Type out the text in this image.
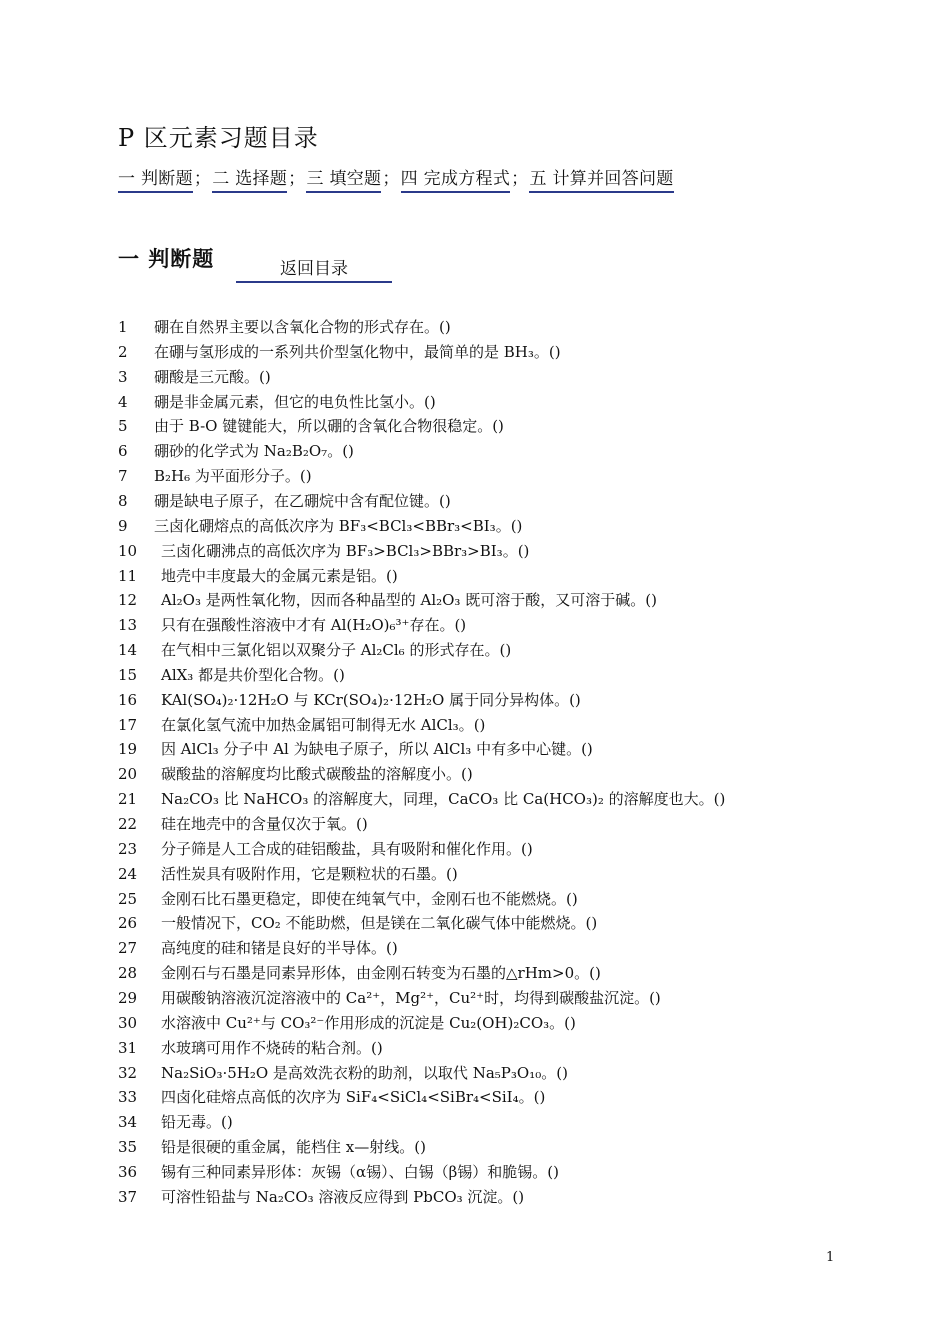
P 区元素习题目录
一 判断题；二 选择题；三 填空题；四 完成方程式；五 计算并回答问题
一 判断题	返回目录
1 硼在自然界主要以含氧化合物的形式存在。()
2 在硼与氢形成的一系列共价型氢化物中，最简单的是 BH₃。()
3 硼酸是三元酸。()
4 硼是非金属元素，但它的电负性比氢小。()
5 由于 B-O 键键能大，所以硼的含氧化合物很稳定。()
6 硼砂的化学式为 Na₂B₂O₇。()
7 B₂H₆ 为平面形分子。()
8 硼是缺电子原子，在乙硼烷中含有配位键。()
9 三卤化硼熔点的高低次序为 BF₃<BCl₃<BBr₃<BI₃。()
10 三卤化硼沸点的高低次序为 BF₃>BCl₃>BBr₃>BI₃。()
11 地壳中丰度最大的金属元素是铝。()
12 Al₂O₃ 是两性氧化物，因而各种晶型的 Al₂O₃ 既可溶于酸，又可溶于碱。()
13 只有在强酸性溶液中才有 Al(H₂O)₆³⁺存在。()
14 在气相中三氯化铝以双聚分子 Al₂Cl₆ 的形式存在。()
15 AlX₃ 都是共价型化合物。()
16 KAl(SO₄)₂·12H₂O 与 KCr(SO₄)₂·12H₂O 属于同分异构体。()
17 在氯化氢气流中加热金属铝可制得无水 AlCl₃。()
19 因 AlCl₃ 分子中 Al 为缺电子原子，所以 AlCl₃ 中有多中心键。()
20 碳酸盐的溶解度均比酸式碳酸盐的溶解度小。()
21 Na₂CO₃ 比 NaHCO₃ 的溶解度大，同理，CaCO₃ 比 Ca(HCO₃)₂ 的溶解度也大。()
22 硅在地壳中的含量仅次于氧。()
23 分子筛是人工合成的硅铝酸盐，具有吸附和催化作用。()
24 活性炭具有吸附作用，它是颗粒状的石墨。()
25 金刚石比石墨更稳定，即使在纯氧气中，金刚石也不能燃烧。()
26 一般情况下，CO₂ 不能助燃，但是镁在二氧化碳气体中能燃烧。()
27 高纯度的硅和锗是良好的半导体。()
28 金刚石与石墨是同素异形体，由金刚石转变为石墨的△rHm>0。()
29 用碳酸钠溶液沉淀溶液中的 Ca²⁺，Mg²⁺，Cu²⁺时，均得到碳酸盐沉淀。()
30 水溶液中 Cu²⁺与 CO₃²⁻作用形成的沉淀是 Cu₂(OH)₂CO₃。()
31 水玻璃可用作不烧砖的粘合剂。()
32 Na₂SiO₃·5H₂O 是高效洗衣粉的助剂，以取代 Na₅P₃O₁₀。()
33 四卤化硅熔点高低的次序为 SiF₄<SiCl₄<SiBr₄<SiI₄。()
34 铅无毒。()
35 铅是很硬的重金属，能档住 x—射线。()
36 锡有三种同素异形体：灰锡（α锡）、白锡（β锡）和脆锡。()
37 可溶性铅盐与 Na₂CO₃ 溶液反应得到 PbCO₃ 沉淀。()
1
